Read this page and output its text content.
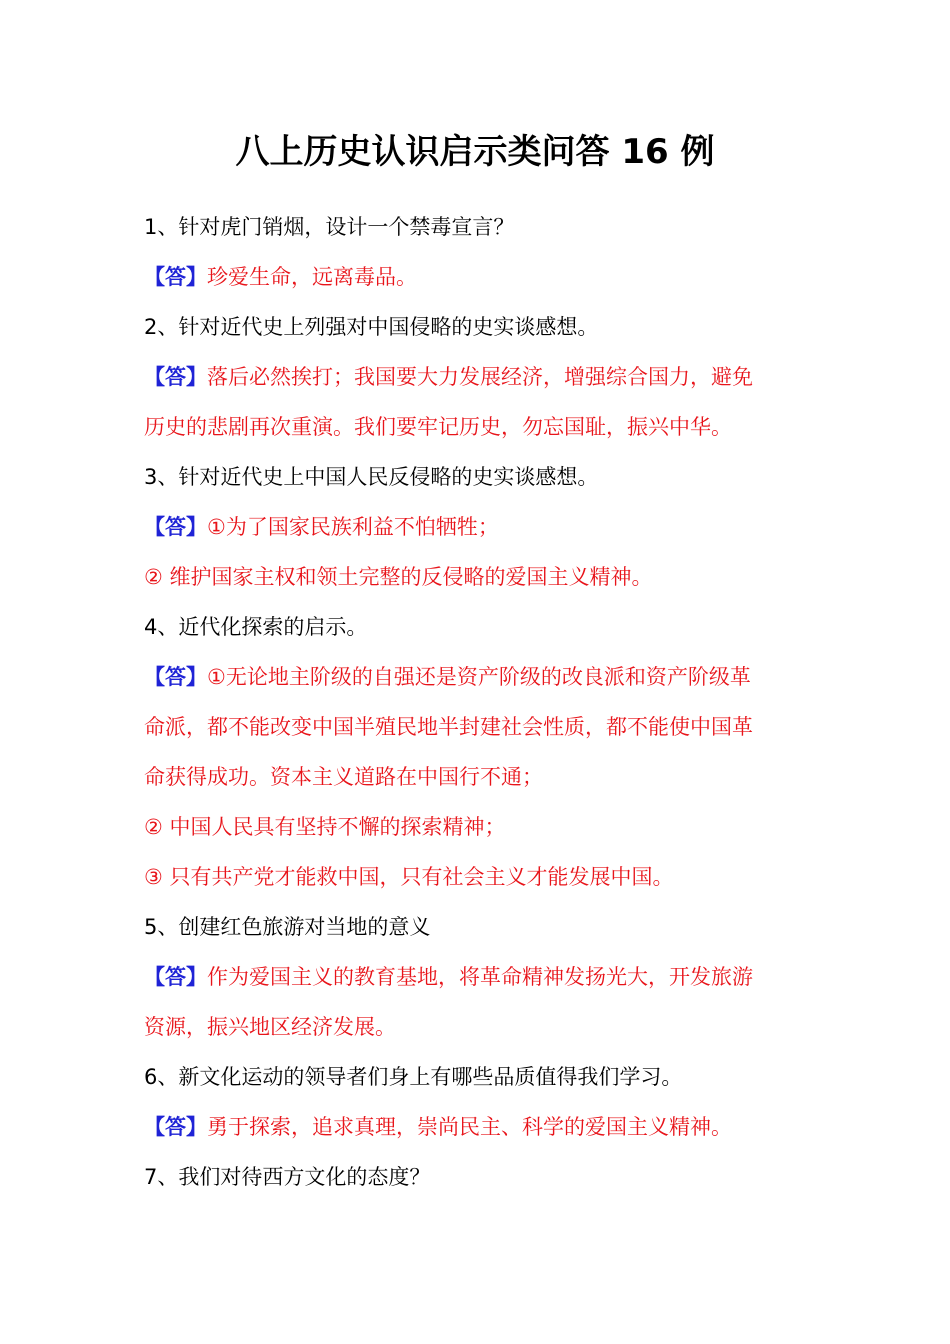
八上历史认识启示类问答 16 例
1、针对虎门销烟，设计一个禁毒宣言？
【答】珍爱生命，远离毒品。
2、针对近代史上列强对中国侵略的史实谈感想。
【答】落后必然挨打；我国要大力发展经济，增强综合国力，避免
历史的悲剧再次重演。我们要牢记历史，勿忘国耻，振兴中华。
3、针对近代史上中国人民反侵略的史实谈感想。
【答】①为了国家民族利益不怕牺牲；
② 维护国家主权和领土完整的反侵略的爱国主义精神。
4、近代化探索的启示。
【答】①无论地主阶级的自强还是资产阶级的改良派和资产阶级革
命派，都不能改变中国半殖民地半封建社会性质，都不能使中国革
命获得成功。资本主义道路在中国行不通；
② 中国人民具有坚持不懈的探索精神；
③ 只有共产党才能救中国，只有社会主义才能发展中国。
5、创建红色旅游对当地的意义
【答】作为爱国主义的教育基地，将革命精神发扬光大，开发旅游
资源，振兴地区经济发展。
6、新文化运动的领导者们身上有哪些品质值得我们学习。
【答】勇于探索，追求真理，崇尚民主、科学的爱国主义精神。
7、我们对待西方文化的态度？
